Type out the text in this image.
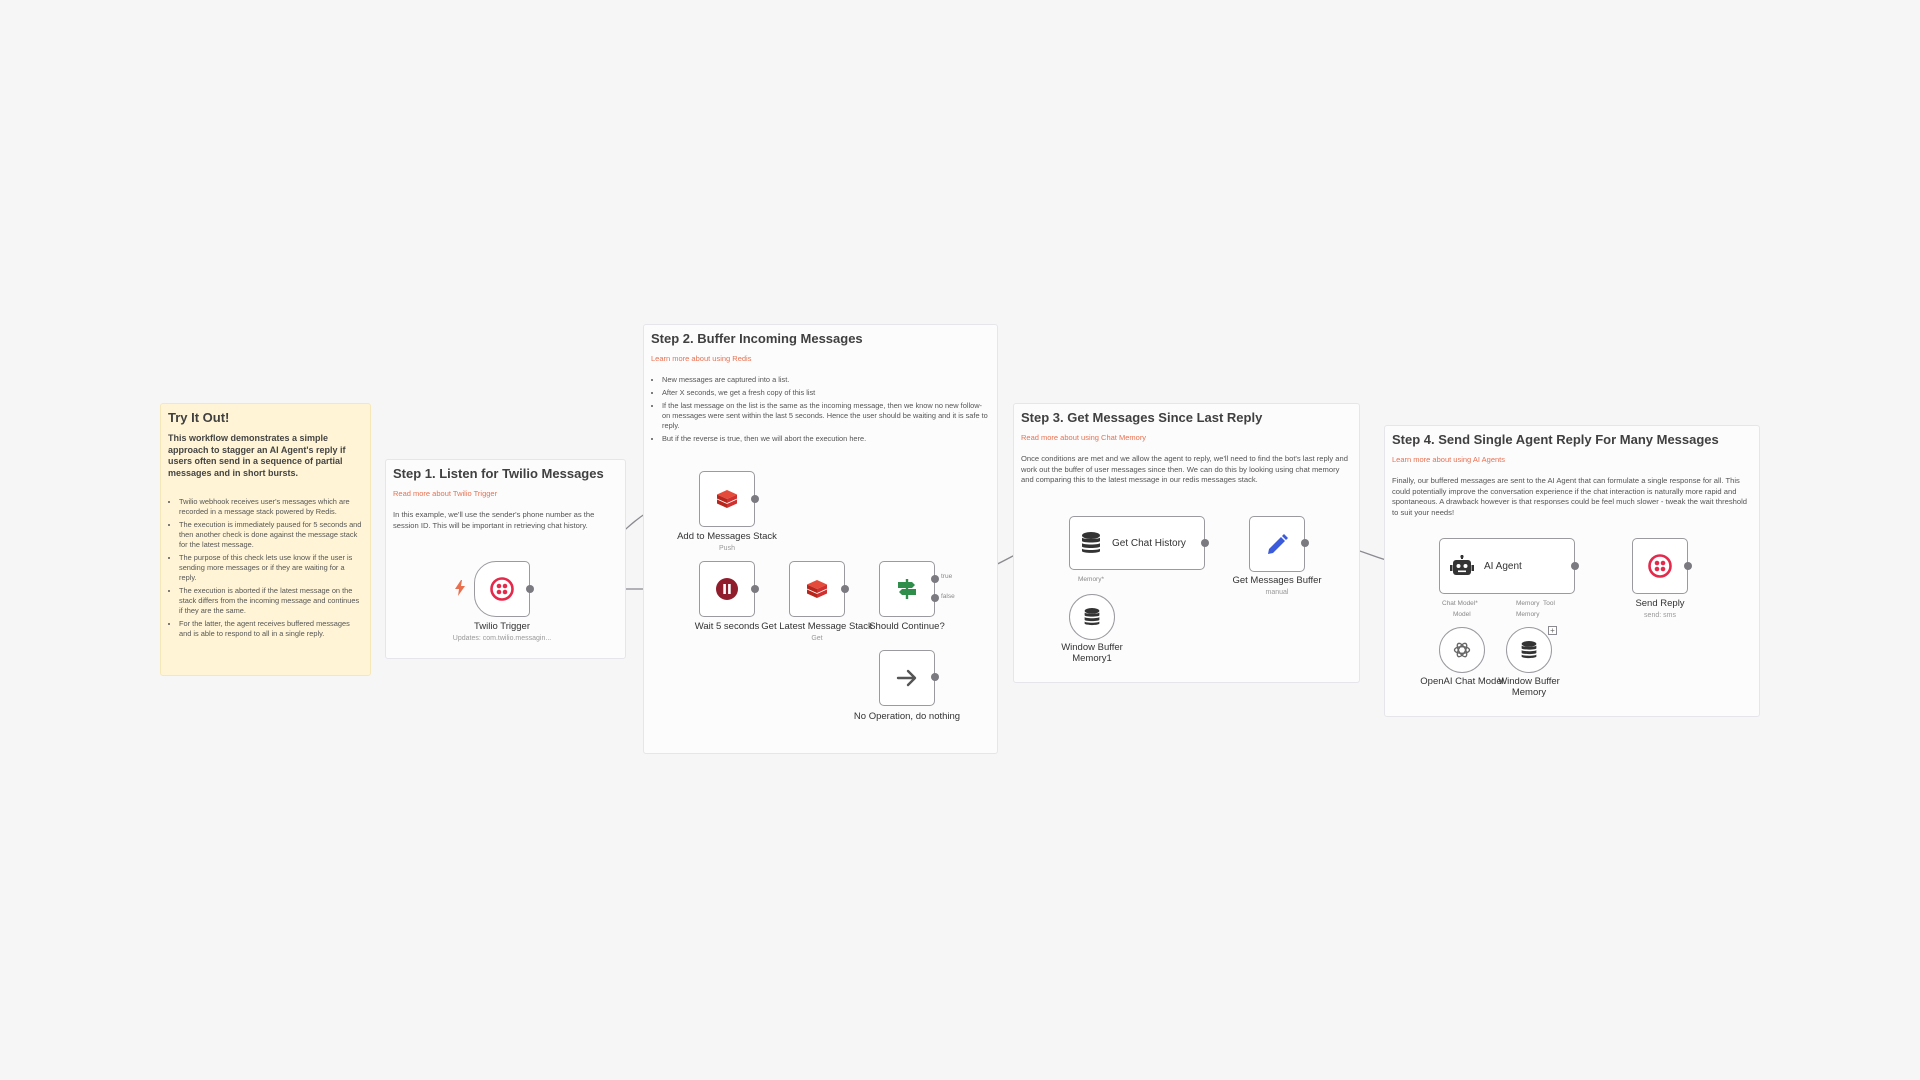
Try It Out!

This workflow demonstrates a simple approach to stagger an AI Agent's reply if users often send in a sequence of partial messages and in short bursts.

• Twilio webhook receives user's messages which are recorded in a message stack powered by Redis.
• The execution is immediately paused for 5 seconds and then another check is done against the message stack for the latest message.
• The purpose of this check lets use know if the user is sending more messages or if they are waiting for a reply.
• The execution is aborted if the latest message on the stack differs from the incoming message and continues if they are the same.
• For the latter, the agent receives buffered messages and is able to respond to all in a single reply.
Step 1. Listen for Twilio Messages
Read more about Twilio Trigger

In this example, we'll use the sender's phone number as the session ID. This will be important in retrieving chat history.

Step 2. Buffer Incoming Messages
Learn more about using Redis
• New messages are captured into a list.
• After X seconds, we get a fresh copy of this list
• If the last message on the list is the same as the incoming message, then we know no new follow-on messages were sent within the last 5 seconds. Hence the user should be waiting and it is safe to reply.
• But if the reverse is true, then we will abort the execution here.
Step 3. Get Messages Since Last Reply
Read more about using Chat Memory

Once conditions are met and we allow the agent to reply, we'll need to find the bot's last reply and work out the buffer of user messages since then. We can do this by looking using chat memory and comparing this to the latest message in our redis messages stack.

Step 4. Send Single Agent Reply For Many Messages
Learn more about using AI Agents

Finally, our buffered messages are sent to the AI Agent that can formulate a single response for all. This could potentially improve the conversation experience if the chat interaction is naturally more rapid and spontaneous. A drawback however is that responses could be feel much slower - tweak the wait threshold to suit your needs!

Twilio Trigger
Updates: com.twilio.messagin...
Add to Messages Stack
Push
Wait 5 seconds Get Latest Message Stack
Get
true
false
Should Continue?
No Operation, do nothing
Get Chat History
Memory*
Window Buffer Memory1
Get Messages Buffer
manual
AI Agent
Chat Model*
Model
Memory Tool
Memory
+
OpenAI Chat Model
Window Buffer Memory
Send Reply
send: sms
